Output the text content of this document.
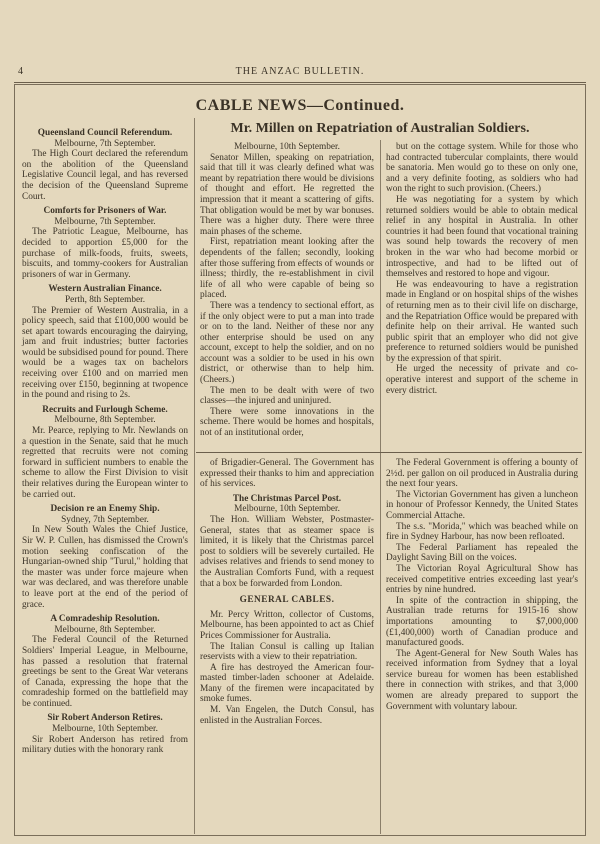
4	THE ANZAC BULLETIN.
CABLE NEWS—Continued.
Mr. Millen on Repatriation of Australian Soldiers.
Queensland Council Referendum.
Melbourne, 7th September.

The High Court declared the referendum on the abolition of the Queensland Legislative Council legal, and has reversed the decision of the Queensland Supreme Court.

Comforts for Prisoners of War.
Melbourne, 7th September.

The Patriotic League, Melbourne, has decided to apportion £5,000 for the purchase of milk-foods, fruits, sweets, biscuits, and tommy-cookers for Australian prisoners of war in Germany.

Western Australian Finance.
Perth, 8th September.

The Premier of Western Australia, in a policy speech, said that £100,000 would be set apart towards encouraging the dairying, jam and fruit industries; butter factories would be subsidised pound for pound. There would be a wages tax on bachelors receiving over £100 and on married men receiving over £150, beginning at twopence in the pound and rising to 2s.

Recruits and Furlough Scheme.
Melbourne, 8th September.

Mr. Pearce, replying to Mr. Newlands on a question in the Senate, said that he much regretted that recruits were not coming forward in sufficient numbers to enable the scheme to allow the First Division to visit their relatives during the European winter to be carried out.

Decision re an Enemy Ship.
Sydney, 7th September.

In New South Wales the Chief Justice, Sir W. P. Cullen, has dismissed the Crown's motion seeking confiscation of the Hungarian-owned ship "Turul," holding that the master was under force majeure when war was declared, and was therefore unable to leave port at the end of the period of grace.

A Comradeship Resolution.
Melbourne, 8th September.

The Federal Council of the Returned Soldiers' Imperial League, in Melbourne, has passed a resolution that fraternal greetings be sent to the Great War veterans of Canada, expressing the hope that the comradeship formed on the battlefield may be continued.

Sir Robert Anderson Retires.
Melbourne, 10th September.

Sir Robert Anderson has retired from military duties with the honorary rank

Melbourne, 10th September.

Senator Millen, speaking on repatriation, said that till it was clearly defined what was meant by repatriation there would be divisions of thought and effort. He regretted the impression that it meant a scattering of gifts. That obligation would be met by war bonuses. There was a higher duty. There were three main phases of the scheme.

First, repatriation meant looking after the dependents of the fallen; secondly, looking after those suffering from effects of wounds or illness; thirdly, the re-establishment in civil life of all who were capable of being so placed.

There was a tendency to sectional effort, as if the only object were to put a man into trade or on to the land. Neither of these nor any other enterprise should be used on any account, except to help the soldier, and on no account was a soldier to be used in his own district, or otherwise than to help him. (Cheers.)

The men to be dealt with were of two classes—the injured and uninjured.

There were some innovations in the scheme. There would be homes and hospitals, not of an institutional order,

but on the cottage system. While for those who had contracted tubercular complaints, there would be sanatoria. Men would go to these on only one, and a very definite footing, as soldiers who had won the right to such provision. (Cheers.)

He was negotiating for a system by which returned soldiers would be able to obtain medical relief in any hospital in Australia. In other countries it had been found that vocational training was sound help towards the recovery of men broken in the war who had become morbid or introspective, and had to be lifted out of themselves and restored to hope and vigour.

He was endeavouring to have a registration made in England or on hospital ships of the wishes of returning men as to their civil life on discharge, and the Repatriation Office would be prepared with definite help on their arrival. He wanted such public spirit that an employer who did not give preference to returned soldiers would be punished by the expression of that spirit.

He urged the necessity of private and co-operative interest and support of the scheme in every district.

of Brigadier-General. The Government has expressed their thanks to him and appreciation of his services.

The Christmas Parcel Post.
Melbourne, 10th September.

The Hon. William Webster, Postmaster-General, states that as steamer space is limited, it is likely that the Christmas parcel post to soldiers will be severely curtailed. He advises relatives and friends to send money to the Australian Comforts Fund, with a request that a box be forwarded from London.

GENERAL CABLES.

Mr. Percy Writton, collector of Customs, Melbourne, has been appointed to act as Chief Prices Commissioner for Australia.

The Italian Consul is calling up Italian reservists with a view to their repatriation.

A fire has destroyed the American four-masted timber-laden schooner at Adelaide. Many of the firemen were incapacitated by smoke fumes.

M. Van Engelen, the Dutch Consul, has enlisted in the Australian Forces.

The Federal Government is offering a bounty of 2½d. per gallon on oil produced in Australia during the next four years.

The Victorian Government has given a luncheon in honour of Professor Kennedy, the United States Commercial Attache.

The s.s. "Morida," which was beached while on fire in Sydney Harbour, has now been refloated.

The Federal Parliament has repealed the Daylight Saving Bill on the voices.

The Victorian Royal Agricultural Show has received competitive entries exceeding last year's entries by nine hundred.

In spite of the contraction in shipping, the Australian trade returns for 1915-16 show importations amounting to $7,000,000 (£1,400,000) worth of Canadian produce and manufactured goods.

The Agent-General for New South Wales has received information from Sydney that a loyal service bureau for women has been established there in connection with strikes, and that 3,000 women are already prepared to support the Government with voluntary labour.
